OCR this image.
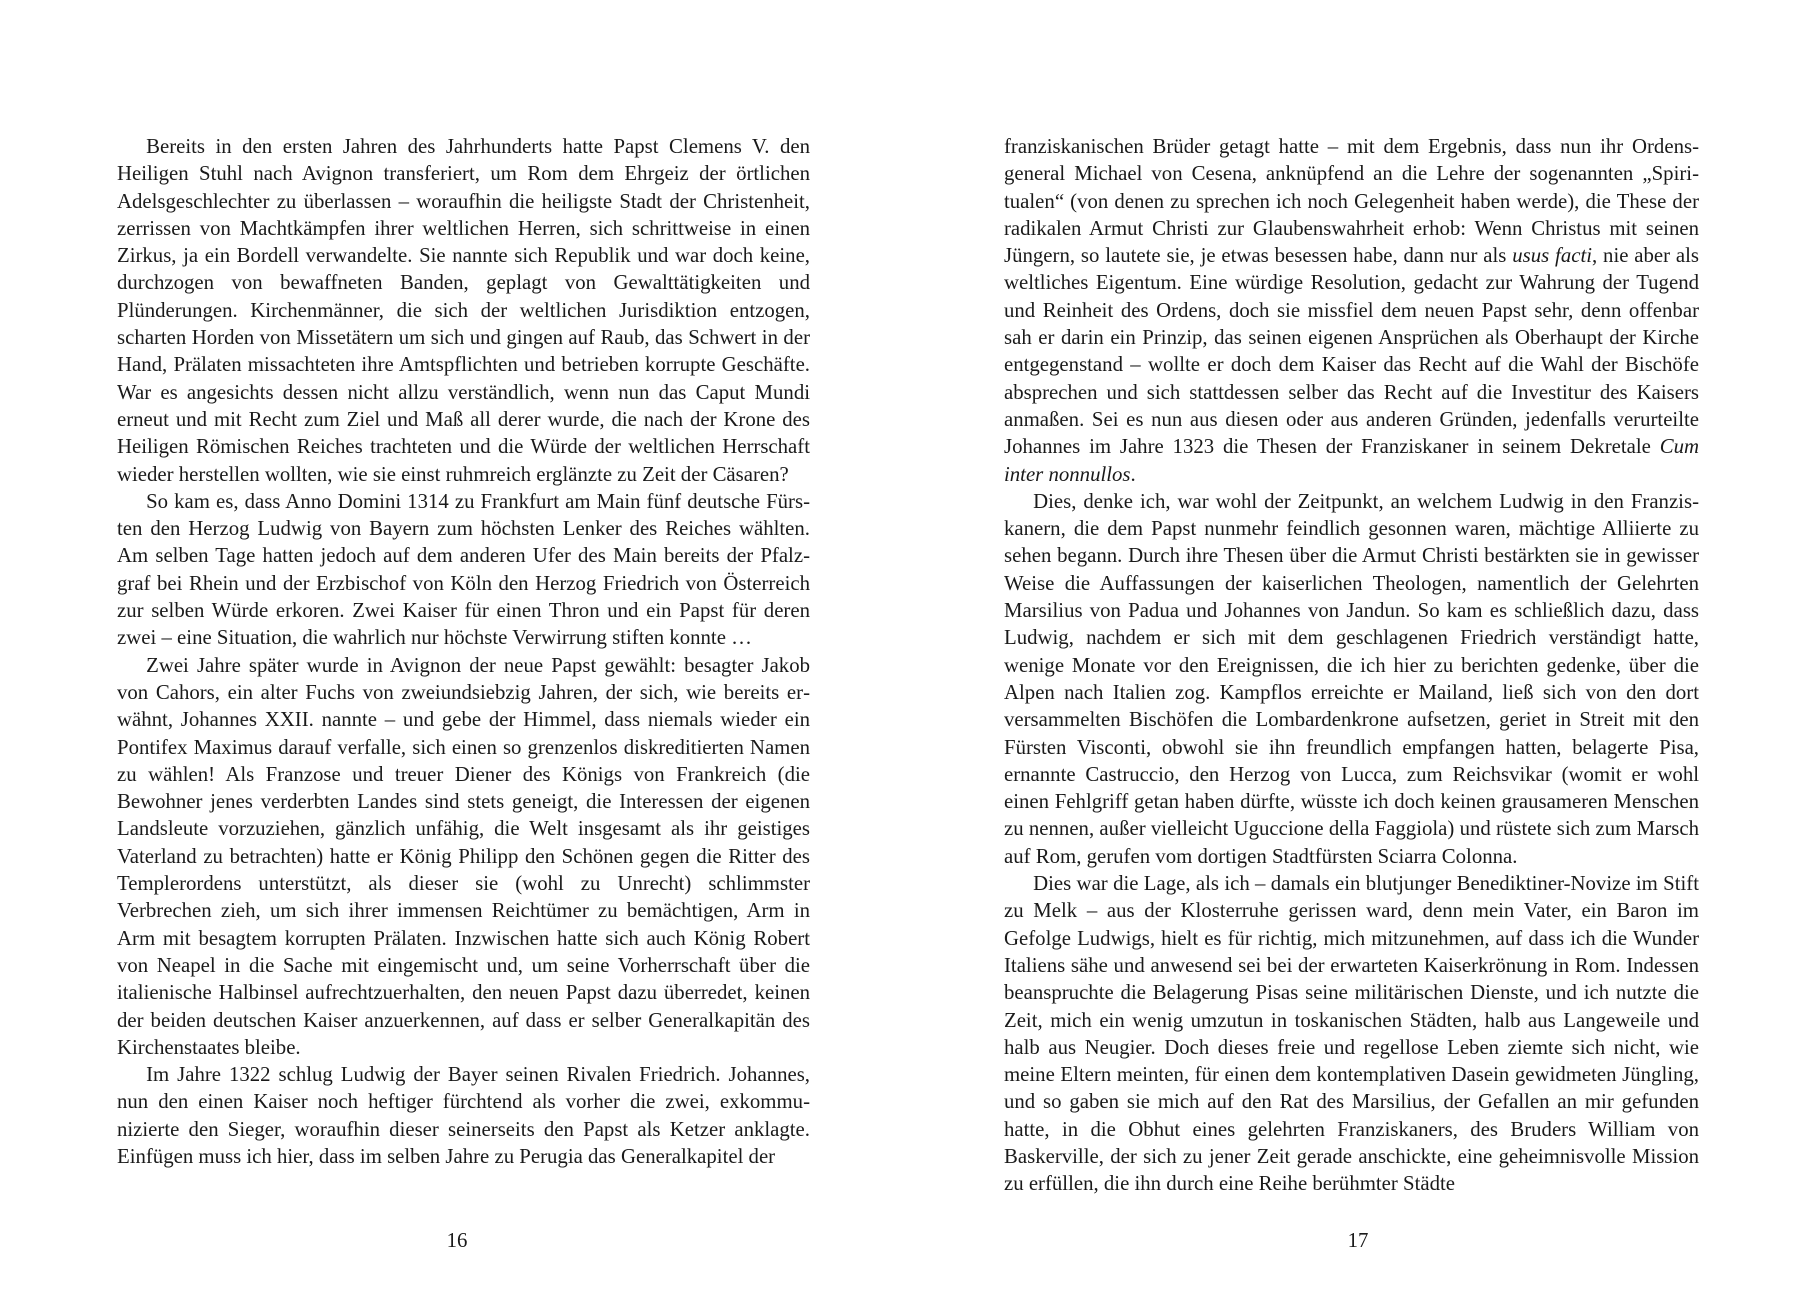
Bereits in den ersten Jahren des Jahrhunderts hatte Papst Clemens V. den Heiligen Stuhl nach Avignon transferiert, um Rom dem Ehrgeiz der örtlichen Adelsgeschlechter zu überlassen – woraufhin die heiligste Stadt der Christenheit, zerrissen von Machtkämpfen ihrer weltlichen Herren, sich schrittweise in einen Zirkus, ja ein Bordell verwandelte. Sie nannte sich Republik und war doch keine, durchzogen von bewaffneten Banden, geplagt von Gewalttätigkeiten und Plünderungen. Kirchenmänner, die sich der weltlichen Jurisdiktion entzogen, scharten Horden von Missetätern um sich und gingen auf Raub, das Schwert in der Hand, Prälaten missachteten ihre Amtspflichten und betrieben korrupte Geschäfte. War es angesichts dessen nicht allzu verständlich, wenn nun das Caput Mundi erneut und mit Recht zum Ziel und Maß all derer wurde, die nach der Krone des Heiligen Römischen Reiches trachteten und die Würde der weltlichen Herrschaft wieder herstellen wollten, wie sie einst ruhmreich erglänzte zu Zeit der Cäsaren?

So kam es, dass Anno Domini 1314 zu Frankfurt am Main fünf deutsche Fürsten den Herzog Ludwig von Bayern zum höchsten Lenker des Reiches wählten. Am selben Tage hatten jedoch auf dem anderen Ufer des Main bereits der Pfalzgraf bei Rhein und der Erzbischof von Köln den Herzog Friedrich von Österreich zur selben Würde erkoren. Zwei Kaiser für einen Thron und ein Papst für deren zwei – eine Situation, die wahrlich nur höchste Verwirrung stiften konnte …

Zwei Jahre später wurde in Avignon der neue Papst gewählt: besagter Jakob von Cahors, ein alter Fuchs von zweiundsiebzig Jahren, der sich, wie bereits erwähnt, Johannes XXII. nannte – und gebe der Himmel, dass niemals wieder ein Pontifex Maximus darauf verfalle, sich einen so grenzenlos diskreditierten Namen zu wählen! Als Franzose und treuer Diener des Königs von Frankreich (die Bewohner jenes verderbten Landes sind stets geneigt, die Interessen der eigenen Landsleute vorzuziehen, gänzlich unfähig, die Welt insgesamt als ihr geistiges Vaterland zu betrachten) hatte er König Philipp den Schönen gegen die Ritter des Templerordens unterstützt, als dieser sie (wohl zu Unrecht) schlimmster Verbrechen zieh, um sich ihrer immensen Reichtümer zu bemächtigen, Arm in Arm mit besagtem korrupten Prälaten. Inzwischen hatte sich auch König Robert von Neapel in die Sache mit eingemischt und, um seine Vorherrschaft über die italienische Halbinsel aufrechtzuerhalten, den neuen Papst dazu überredet, keinen der beiden deutschen Kaiser anzuerkennen, auf dass er selber Generalkapitän des Kirchenstaates bleibe.

Im Jahre 1322 schlug Ludwig der Bayer seinen Rivalen Friedrich. Johannes, nun den einen Kaiser noch heftiger fürchtend als vorher die zwei, exkommunizierte den Sieger, woraufhin dieser seinerseits den Papst als Ketzer anklagte. Einfügen muss ich hier, dass im selben Jahre zu Perugia das Generalkapitel der

16

franziskanischen Brüder getagt hatte – mit dem Ergebnis, dass nun ihr Ordensgeneral Michael von Cesena, anknüpfend an die Lehre der sogenannten „Spiritualen“ (von denen zu sprechen ich noch Gelegenheit haben werde), die These der radikalen Armut Christi zur Glaubenswahrheit erhob: Wenn Christus mit seinen Jüngern, so lautete sie, je etwas besessen habe, dann nur als usus facti, nie aber als weltliches Eigentum. Eine würdige Resolution, gedacht zur Wahrung der Tugend und Reinheit des Ordens, doch sie missfiel dem neuen Papst sehr, denn offenbar sah er darin ein Prinzip, das seinen eigenen Ansprüchen als Oberhaupt der Kirche entgegenstand – wollte er doch dem Kaiser das Recht auf die Wahl der Bischöfe absprechen und sich stattdessen selber das Recht auf die Investitur des Kaisers anmaßen. Sei es nun aus diesen oder aus anderen Gründen, jedenfalls verurteilte Johannes im Jahre 1323 die Thesen der Franziskaner in seinem Dekretale Cum inter nonnullos.

Dies, denke ich, war wohl der Zeitpunkt, an welchem Ludwig in den Franziskanern, die dem Papst nunmehr feindlich gesonnen waren, mächtige Alliierte zu sehen begann. Durch ihre Thesen über die Armut Christi bestärkten sie in gewisser Weise die Auffassungen der kaiserlichen Theologen, namentlich der Gelehrten Marsilius von Padua und Johannes von Jandun. So kam es schließlich dazu, dass Ludwig, nachdem er sich mit dem geschlagenen Friedrich verständigt hatte, wenige Monate vor den Ereignissen, die ich hier zu berichten gedenke, über die Alpen nach Italien zog. Kampflos erreichte er Mailand, ließ sich von den dort versammelten Bischöfen die Lombardenkrone aufsetzen, geriet in Streit mit den Fürsten Visconti, obwohl sie ihn freundlich empfangen hatten, belagerte Pisa, ernannte Castruccio, den Herzog von Lucca, zum Reichsvikar (womit er wohl einen Fehlgriff getan haben dürfte, wüsste ich doch keinen grausameren Menschen zu nennen, außer vielleicht Uguccione della Faggiola) und rüstete sich zum Marsch auf Rom, gerufen vom dortigen Stadtfürsten Sciarra Colonna.

Dies war die Lage, als ich – damals ein blutjunger Benediktiner-Novize im Stift zu Melk – aus der Klosterruhe gerissen ward, denn mein Vater, ein Baron im Gefolge Ludwigs, hielt es für richtig, mich mitzunehmen, auf dass ich die Wunder Italiens sähe und anwesend sei bei der erwarteten Kaiserkrönung in Rom. Indessen beanspruchte die Belagerung Pisas seine militärischen Dienste, und ich nutzte die Zeit, mich ein wenig umzutun in toskanischen Städten, halb aus Langeweile und halb aus Neugier. Doch dieses freie und regellose Leben ziemte sich nicht, wie meine Eltern meinten, für einen dem kontemplativen Dasein gewidmeten Jüngling, und so gaben sie mich auf den Rat des Marsilius, der Gefallen an mir gefunden hatte, in die Obhut eines gelehrten Franziskaners, des Bruders William von Baskerville, der sich zu jener Zeit gerade anschickte, eine geheimnisvolle Mission zu erfüllen, die ihn durch eine Reihe berühmter Städte

17
